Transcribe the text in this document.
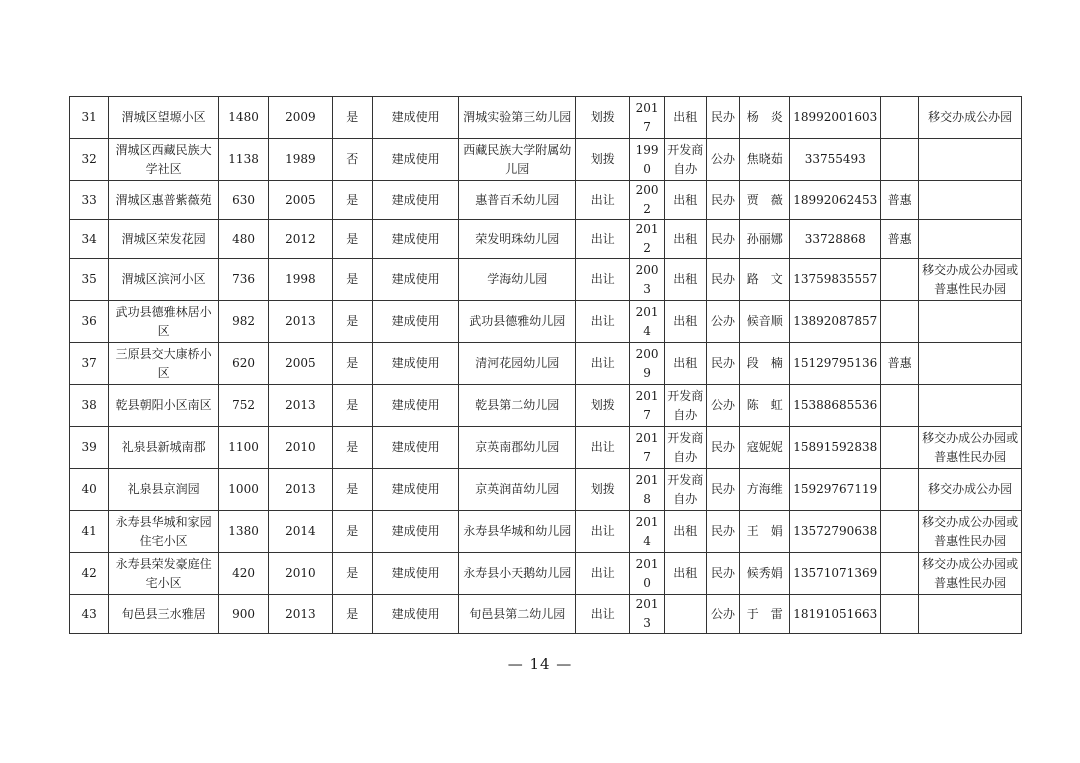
31	渭城区望塬小区	1480	2009	是	建成使用	渭城实验第三幼儿园	划拨	2017	出租	民办	杨　炎	18992001603		移交办成公办园
32	渭城区西藏民族大学社区	1138	1989	否	建成使用	西藏民族大学附属幼儿园	划拨	1990	开发商自办	公办	焦晓茹	33755493		
33	渭城区惠普紫薇苑	630	2005	是	建成使用	惠普百禾幼儿园	出让	2002	出租	民办	贾　薇	18992062453	普惠	
34	渭城区荣发花园	480	2012	是	建成使用	荣发明珠幼儿园	出让	2012	出租	民办	孙丽娜	33728868	普惠	
35	渭城区滨河小区	736	1998	是	建成使用	学海幼儿园	出让	2003	出租	民办	路　文	13759835557		移交办成公办园或普惠性民办园
36	武功县德雅林居小区	982	2013	是	建成使用	武功县德雅幼儿园	出让	2014	出租	公办	候音顺	13892087857		
37	三原县交大康桥小区	620	2005	是	建成使用	清河花园幼儿园	出让	2009	出租	民办	段　楠	15129795136	普惠	
38	乾县朝阳小区南区	752	2013	是	建成使用	乾县第二幼儿园	划拨	2017	开发商自办	公办	陈　虹	15388685536		
39	礼泉县新城南郡	1100	2010	是	建成使用	京英南郡幼儿园	出让	2017	开发商自办	民办	寇妮妮	15891592838		移交办成公办园或普惠性民办园
40	礼泉县京润园	1000	2013	是	建成使用	京英润苗幼儿园	划拨	2018	开发商自办	民办	方海维	15929767119		移交办成公办园
41	永寿县华城和家园住宅小区	1380	2014	是	建成使用	永寿县华城和幼儿园	出让	2014	出租	民办	王　娟	13572790638		移交办成公办园或普惠性民办园
42	永寿县荣发豪庭住宅小区	420	2010	是	建成使用	永寿县小天鹅幼儿园	出让	2010	出租	民办	候秀娟	13571071369		移交办成公办园或普惠性民办园
43	旬邑县三水雅居	900	2013	是	建成使用	旬邑县第二幼儿园	出让	2013		公办	于　雷	18191051663		
— 14 —
